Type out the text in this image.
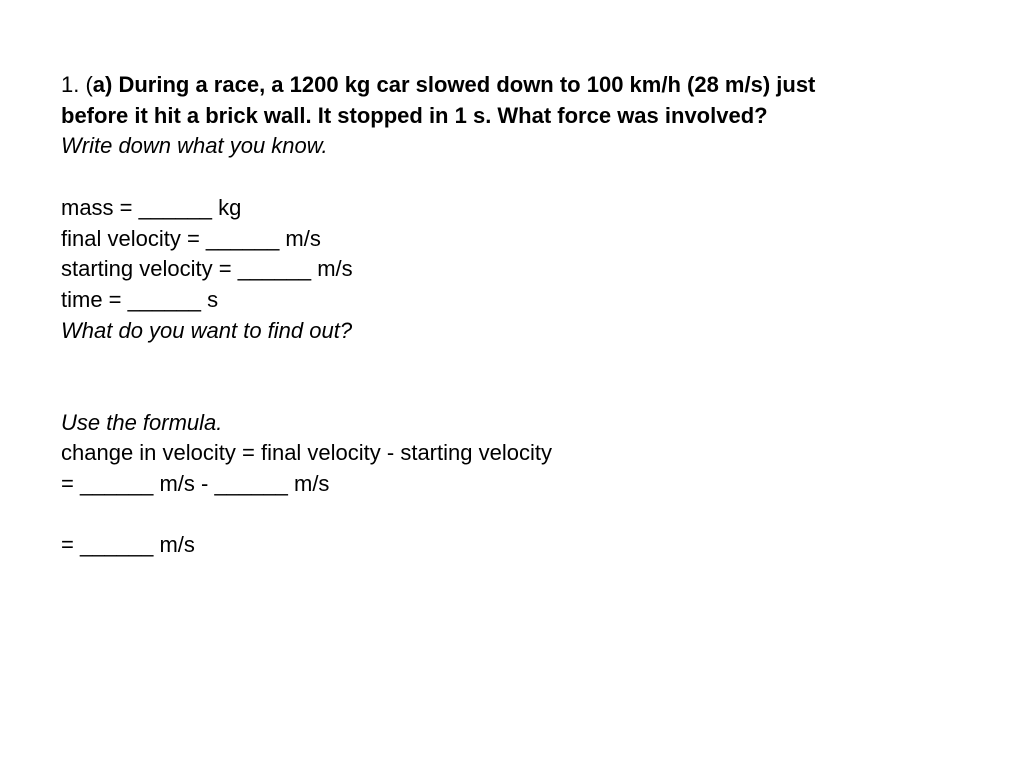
1. (a) During a race, a 1200 kg car slowed down to 100 km/h (28 m/s) just
before it hit a brick wall. It stopped in 1 s. What force was involved?
Write down what you know.
mass = ______ kg
final velocity = ______ m/s
starting velocity = ______ m/s
time = ______ s
What do you want to find out?
Use the formula.
change in velocity = final velocity - starting velocity
= ______ m/s - ______ m/s
= ______ m/s
